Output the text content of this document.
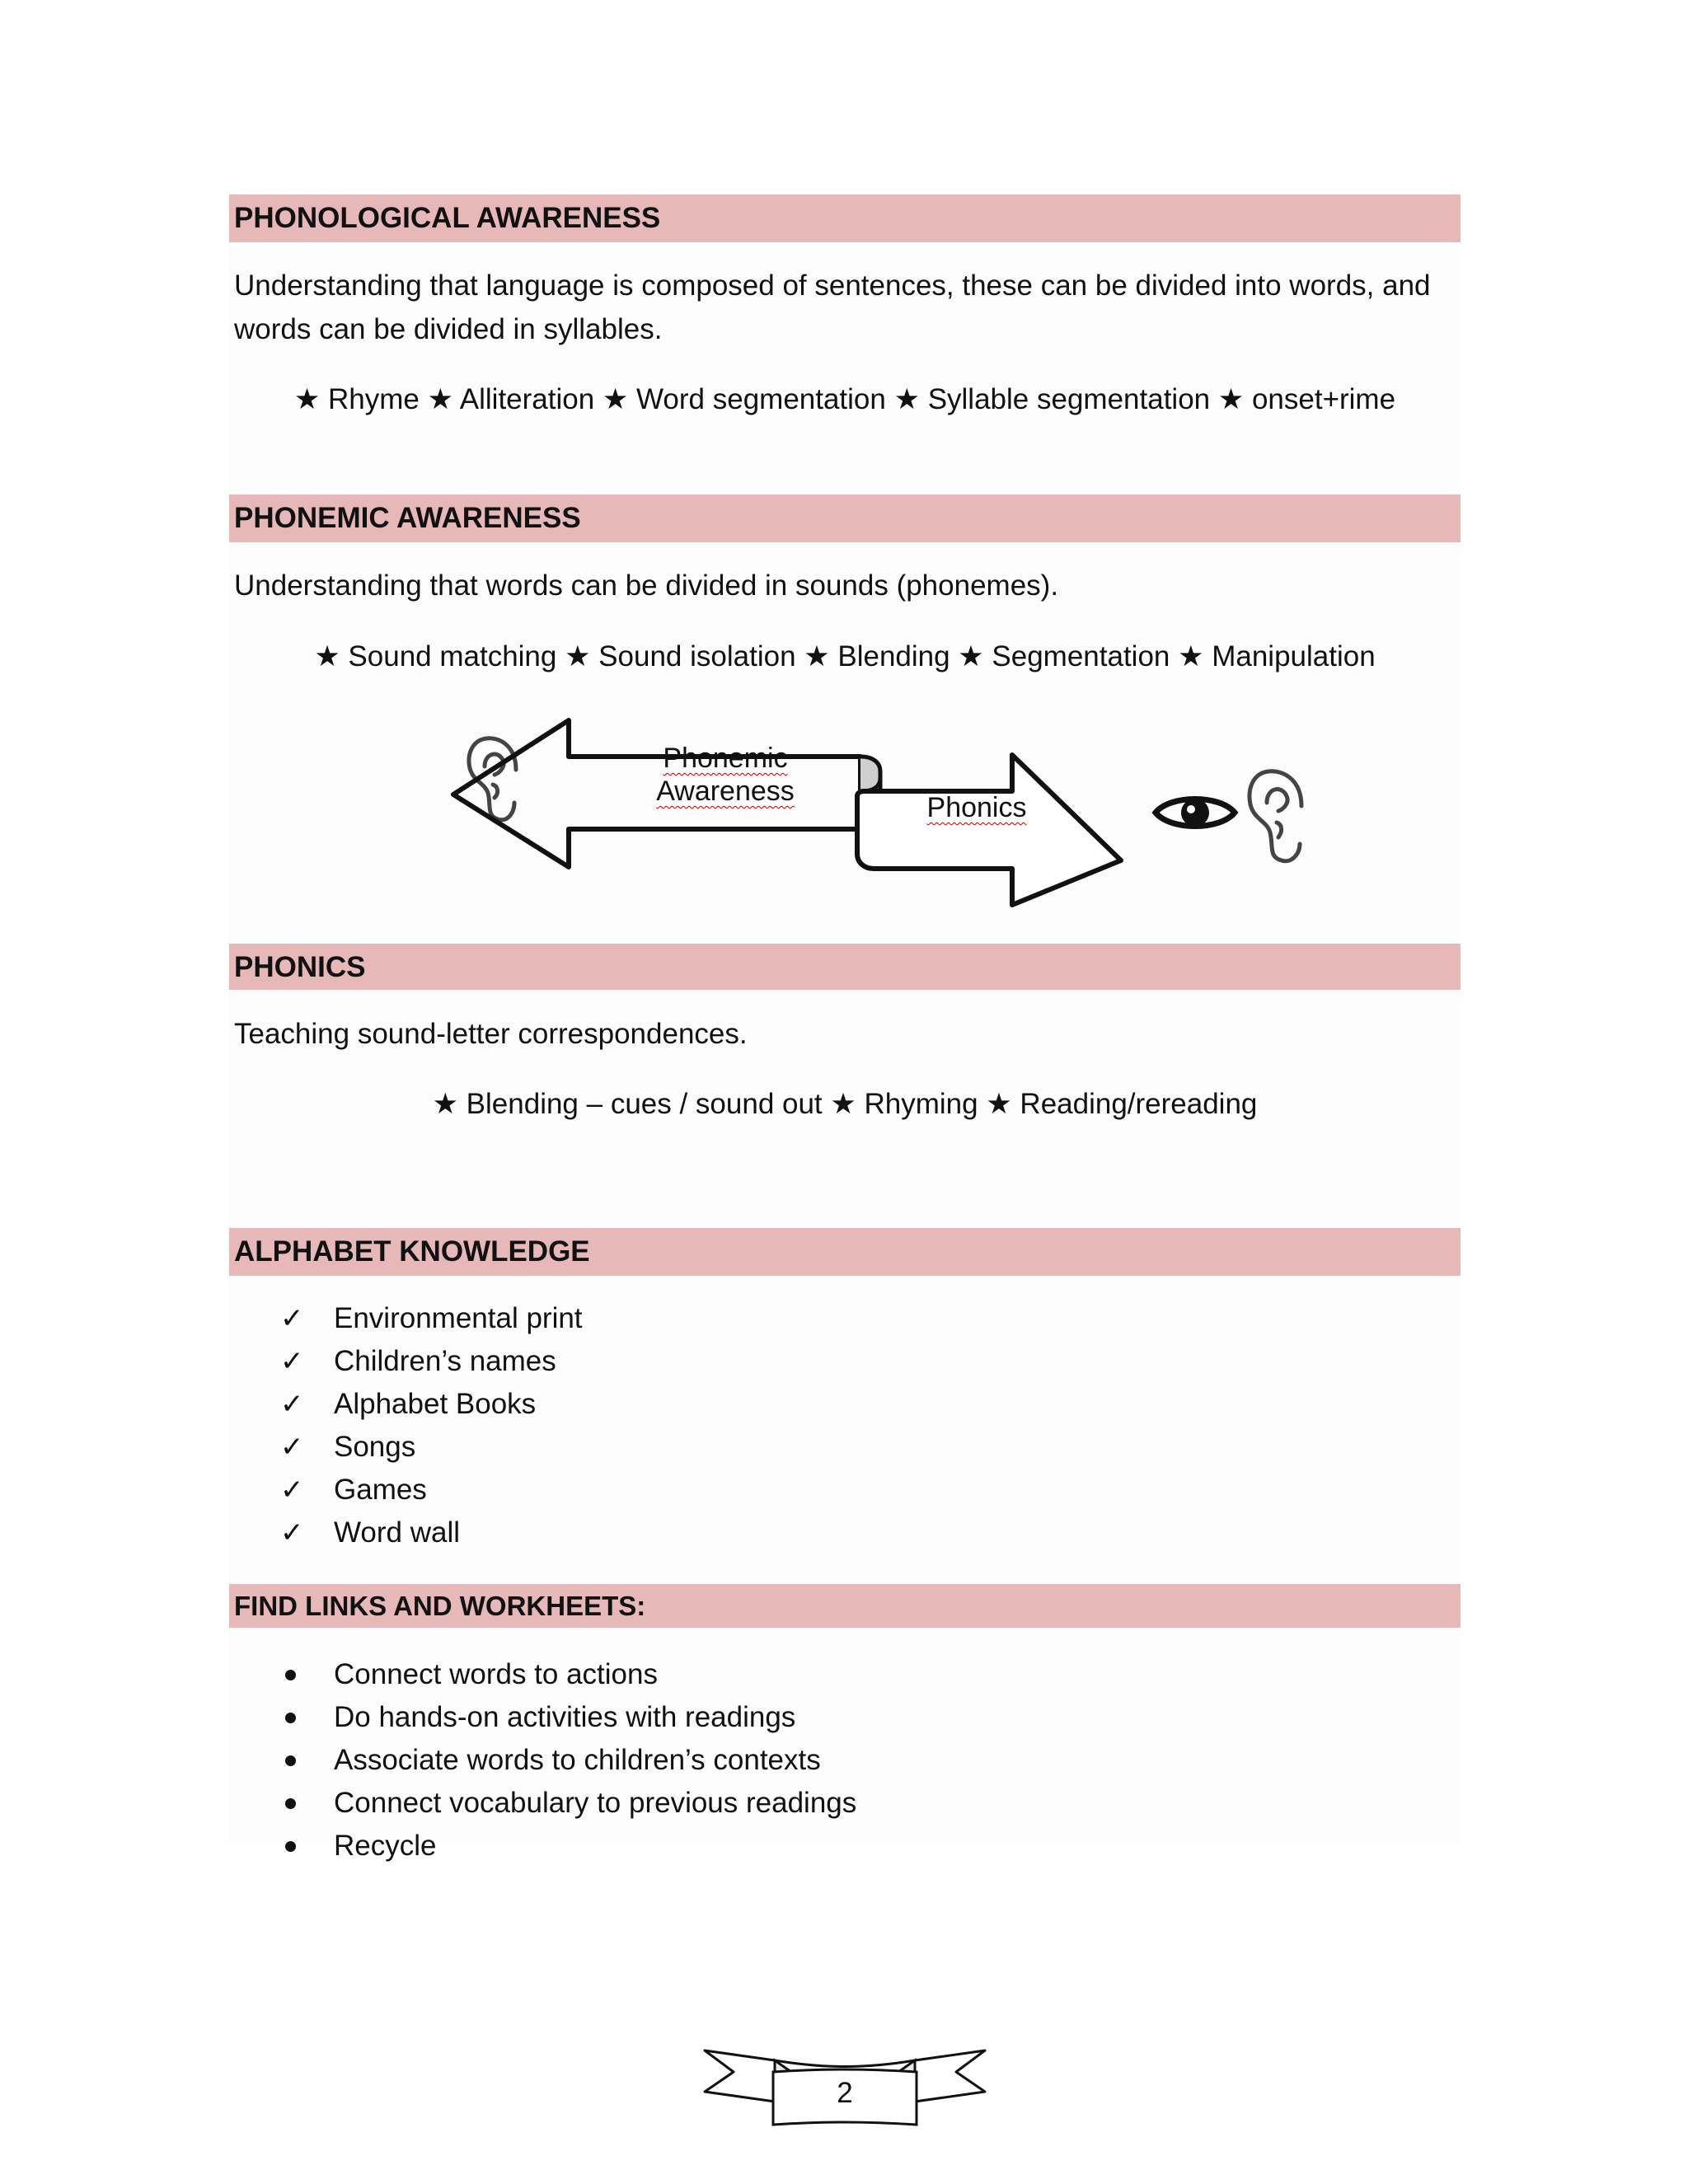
PHONOLOGICAL AWARENESS
Understanding that language is composed of sentences, these can be divided into words, and words can be divided in syllables.
★ Rhyme ★ Alliteration ★ Word segmentation ★ Syllable segmentation ★ onset+rime
PHONEMIC AWARENESS
Understanding that words can be divided in sounds (phonemes).
★ Sound matching ★ Sound isolation ★ Blending ★ Segmentation ★ Manipulation
Phonemic
Awareness
Phonics
PHONICS
Teaching sound-letter correspondences.
★ Blending – cues / sound out ★ Rhyming ★ Reading/rereading
ALPHABET KNOWLEDGE
✓	Environmental print
✓	Children’s names
✓	Alphabet Books
✓	Songs
✓	Games
✓	Word wall
FIND LINKS AND WORKHEETS:
Connect words to actions
Do hands-on activities with readings
Associate words to children’s contexts
Connect vocabulary to previous readings
Recycle
2
